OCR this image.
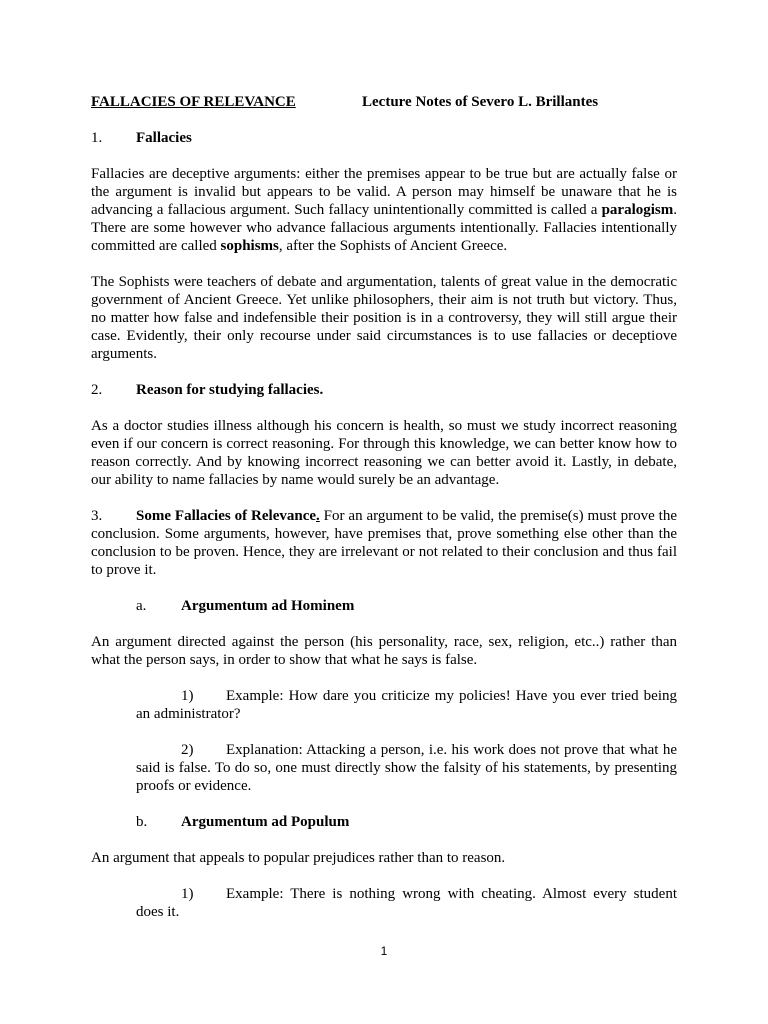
FALLACIES OF RELEVANCE	Lecture Notes of Severo L. Brillantes
1. Fallacies

Fallacies are deceptive arguments: either the premises appear to be true but are actually false or the argument is invalid but appears to be valid. A person may himself be unaware that he is advancing a fallacious argument. Such fallacy unintentionally committed is called a paralogism. There are some however who advance fallacious arguments intentionally. Fallacies intentionally committed are called sophisms, after the Sophists of Ancient Greece.

The Sophists were teachers of debate and argumentation, talents of great value in the democratic government of Ancient Greece. Yet unlike philosophers, their aim is not truth but victory. Thus, no matter how false and indefensible their position is in a controversy, they will still argue their case. Evidently, their only recourse under said circumstances is to use fallacies or deceptiove arguments.

2. Reason for studying fallacies.

As a doctor studies illness although his concern is health, so must we study incorrect reasoning even if our concern is correct reasoning. For through this knowledge, we can better know how to reason correctly. And by knowing incorrect reasoning we can better avoid it. Lastly, in debate, our ability to name fallacies by name would surely be an advantage.

3. Some Fallacies of Relevance. For an argument to be valid, the premise(s) must prove the conclusion. Some arguments, however, have premises that, prove something else other than the conclusion to be proven. Hence, they are irrelevant or not related to their conclusion and thus fail to prove it.

a. Argumentum ad Hominem

An argument directed against the person (his personality, race, sex, religion, etc..) rather than what the person says, in order to show that what he says is false.

1) Example: How dare you criticize my policies! Have you ever tried being an administrator?
2) Explanation: Attacking a person, i.e. his work does not prove that what he said is false. To do so, one must directly show the falsity of his statements, by presenting proofs or evidence.
b. Argumentum ad Populum

An argument that appeals to popular prejudices rather than to reason.

1) Example: There is nothing wrong with cheating. Almost every student does it.
1
